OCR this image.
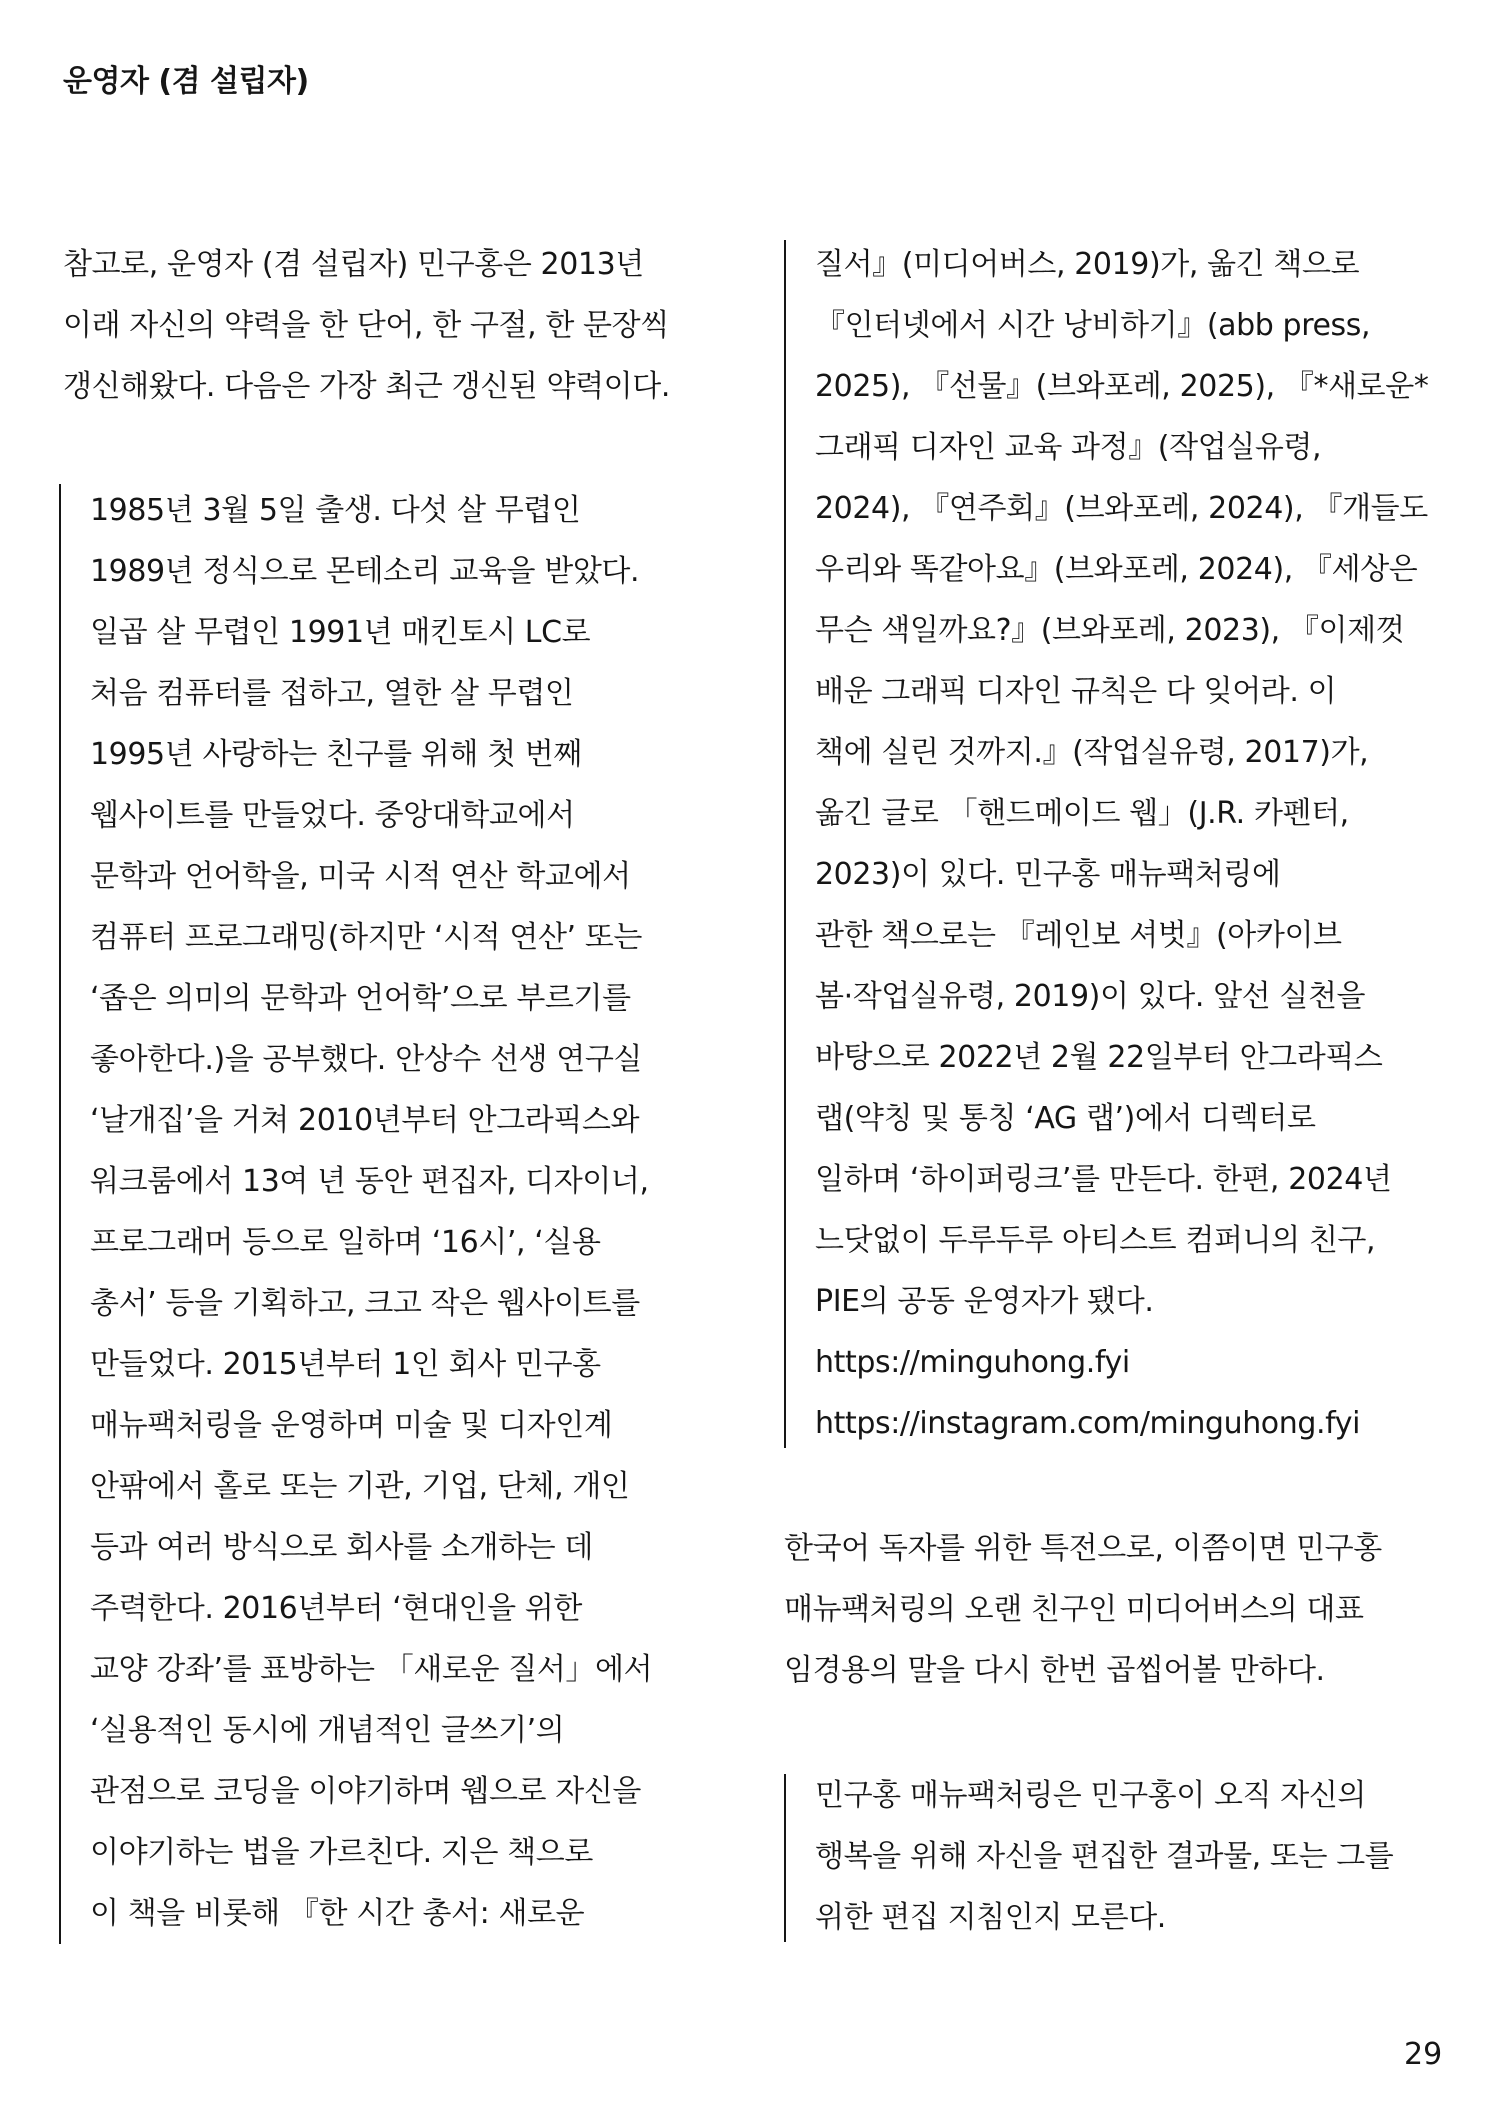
운영자 (겸 설립자)
참고로, 운영자 (겸 설립자) 민구홍은 2013년
이래 자신의 약력을 한 단어, 한 구절, 한 문장씩
갱신해왔다. 다음은 가장 최근 갱신된 약력이다.
1985년 3월 5일 출생. 다섯 살 무렵인
1989년 정식으로 몬테소리 교육을 받았다.
일곱 살 무렵인 1991년 매킨토시 LC로
처음 컴퓨터를 접하고, 열한 살 무렵인
1995년 사랑하는 친구를 위해 첫 번째
웹사이트를 만들었다. 중앙대학교에서
문학과 언어학을, 미국 시적 연산 학교에서
컴퓨터 프로그래밍(하지만 ‘시적 연산’ 또는
‘좁은 의미의 문학과 언어학’으로 부르기를
좋아한다.)을 공부했다. 안상수 선생 연구실
‘날개집’을 거쳐 2010년부터 안그라픽스와
워크룸에서 13여 년 동안 편집자, 디자이너,
프로그래머 등으로 일하며 ‘16시’, ‘실용
총서’ 등을 기획하고, 크고 작은 웹사이트를
만들었다. 2015년부터 1인 회사 민구홍
매뉴팩처링을 운영하며 미술 및 디자인계
안팎에서 홀로 또는 기관, 기업, 단체, 개인
등과 여러 방식으로 회사를 소개하는 데
주력한다. 2016년부터 ‘현대인을 위한
교양 강좌’를 표방하는 「새로운 질서」에서
‘실용적인 동시에 개념적인 글쓰기’의
관점으로 코딩을 이야기하며 웹으로 자신을
이야기하는 법을 가르친다. 지은 책으로
이 책을 비롯해 『한 시간 총서: 새로운
질서』(미디어버스, 2019)가, 옮긴 책으로
『인터넷에서 시간 낭비하기』(abb press,
2025), 『선물』(브와포레, 2025), 『*새로운*
그래픽 디자인 교육 과정』(작업실유령,
2024), 『연주회』(브와포레, 2024), 『개들도
우리와 똑같아요』(브와포레, 2024), 『세상은
무슨 색일까요?』(브와포레, 2023), 『이제껏
배운 그래픽 디자인 규칙은 다 잊어라. 이
책에 실린 것까지.』(작업실유령, 2017)가,
옮긴 글로 「핸드메이드 웹」(J.R. 카펜터,
2023)이 있다. 민구홍 매뉴팩처링에
관한 책으로는 『레인보 셔벗』(아카이브
봄·작업실유령, 2019)이 있다. 앞선 실천을
바탕으로 2022년 2월 22일부터 안그라픽스
랩(약칭 및 통칭 ‘AG 랩’)에서 디렉터로
일하며 ‘하이퍼링크’를 만든다. 한편, 2024년
느닷없이 두루두루 아티스트 컴퍼니의 친구,
PIE의 공동 운영자가 됐다.
https://minguhong.fyi
https://instagram.com/minguhong.fyi
한국어 독자를 위한 특전으로, 이쯤이면 민구홍
매뉴팩처링의 오랜 친구인 미디어버스의 대표
임경용의 말을 다시 한번 곱씹어볼 만하다.
민구홍 매뉴팩처링은 민구홍이 오직 자신의
행복을 위해 자신을 편집한 결과물, 또는 그를
위한 편집 지침인지 모른다.
29
